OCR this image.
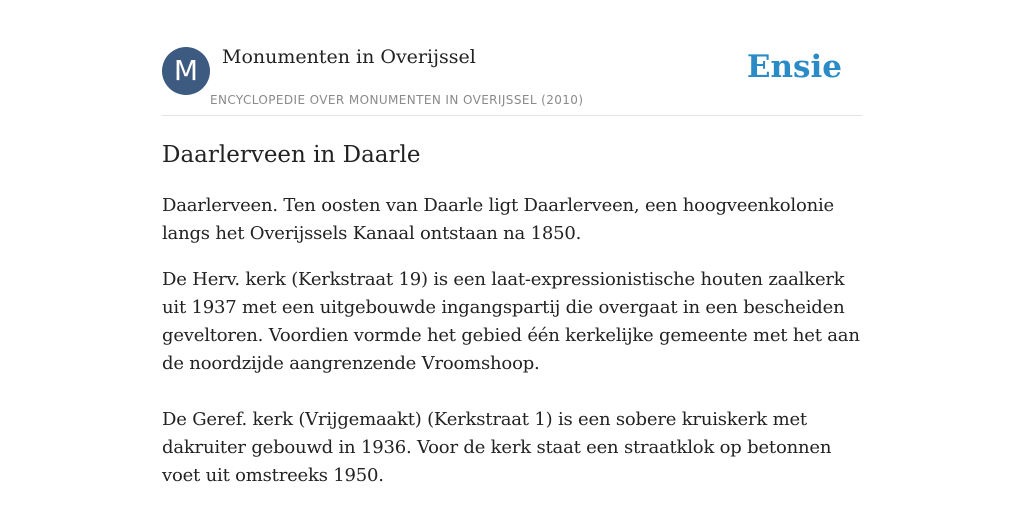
M	Monumenten in Overijssel
ENCYCLOPEDIE OVER MONUMENTEN IN OVERIJSSEL (2010)
Ensie
Daarlerveen in Daarle

Daarlerveen. Ten oosten van Daarle ligt Daarlerveen, een hoogveenkolonie langs het Overijssels Kanaal ontstaan na 1850.

De Herv. kerk (Kerkstraat 19) is een laat-expressionistische houten zaalkerk uit 1937 met een uitgebouwde ingangspartij die overgaat in een bescheiden geveltoren. Voordien vormde het gebied één kerkelijke gemeente met het aan de noordzijde aangrenzende Vroomshoop.

De Geref. kerk (Vrijgemaakt) (Kerkstraat 1) is een sobere kruiskerk met dakruiter gebouwd in 1936. Voor de kerk staat een straatklok op betonnen voet uit omstreeks 1950.
